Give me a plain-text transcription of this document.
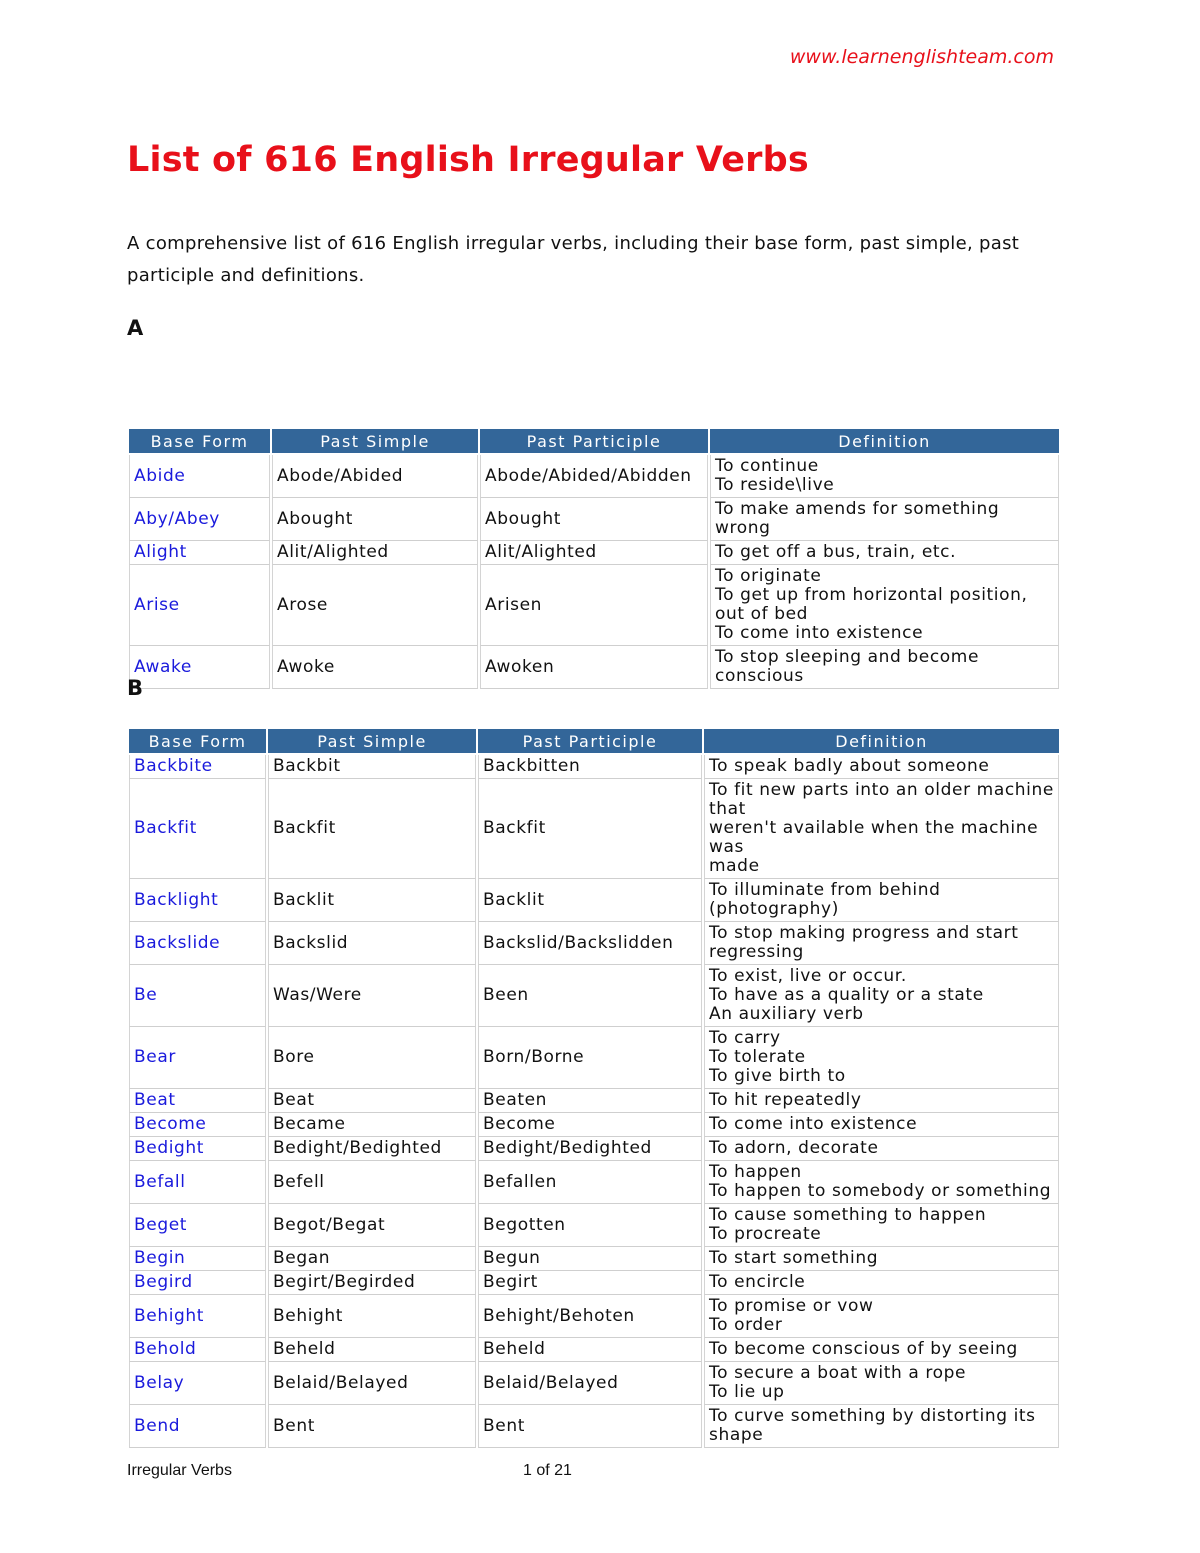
www.learnenglishteam.com
List of 616 English Irregular Verbs

A comprehensive list of 616 English irregular verbs, including their base form, past simple, past participle and definitions.

A
Base Form	Past Simple	Past Participle	Definition
Abide	Abode/Abided	Abode/Abided/Abidden	To continue
To reside\live

Aby/Abey	Abought	Abought	To make amends for something wrong

Alight	Alit/Alighted	Alit/Alighted	To get off a bus, train, etc.

Arise	Arose	Arisen	To originate
To get up from horizontal position, out of bed
To come into existence

Awake	Awoke	Awoken	To stop sleeping and become conscious
B
Base Form	Past Simple	Past Participle	Definition
Backbite	Backbit	Backbitten	To speak badly about someone

Backfit	Backfit	Backfit	To fit new parts into an older machine that
weren't available when the machine was
made

Backlight	Backlit	Backlit	To illuminate from behind (photography)

Backslide	Backslid	Backslid/Backslidden	To stop making progress and start regressing

Be	Was/Were	Been	To exist, live or occur.
To have as a quality or a state
An auxiliary verb

Bear	Bore	Born/Borne	To carry
To tolerate
To give birth to

Beat	Beat	Beaten	To hit repeatedly

Become	Became	Become	To come into existence

Bedight	Bedight/Bedighted	Bedight/Bedighted	To adorn, decorate

Befall	Befell	Befallen	To happen
To happen to somebody or something

Beget	Begot/Begat	Begotten	To cause something to happen
To procreate

Begin	Began	Begun	To start something

Begird	Begirt/Begirded	Begirt	To encircle

Behight	Behight	Behight/Behoten	To promise or vow
To order

Behold	Beheld	Beheld	To become conscious of by seeing

Belay	Belaid/Belayed	Belaid/Belayed	To secure a boat with a rope
To lie up

Bend	Bent	Bent	To curve something by distorting its shape
Irregular Verbs	1 of 21
